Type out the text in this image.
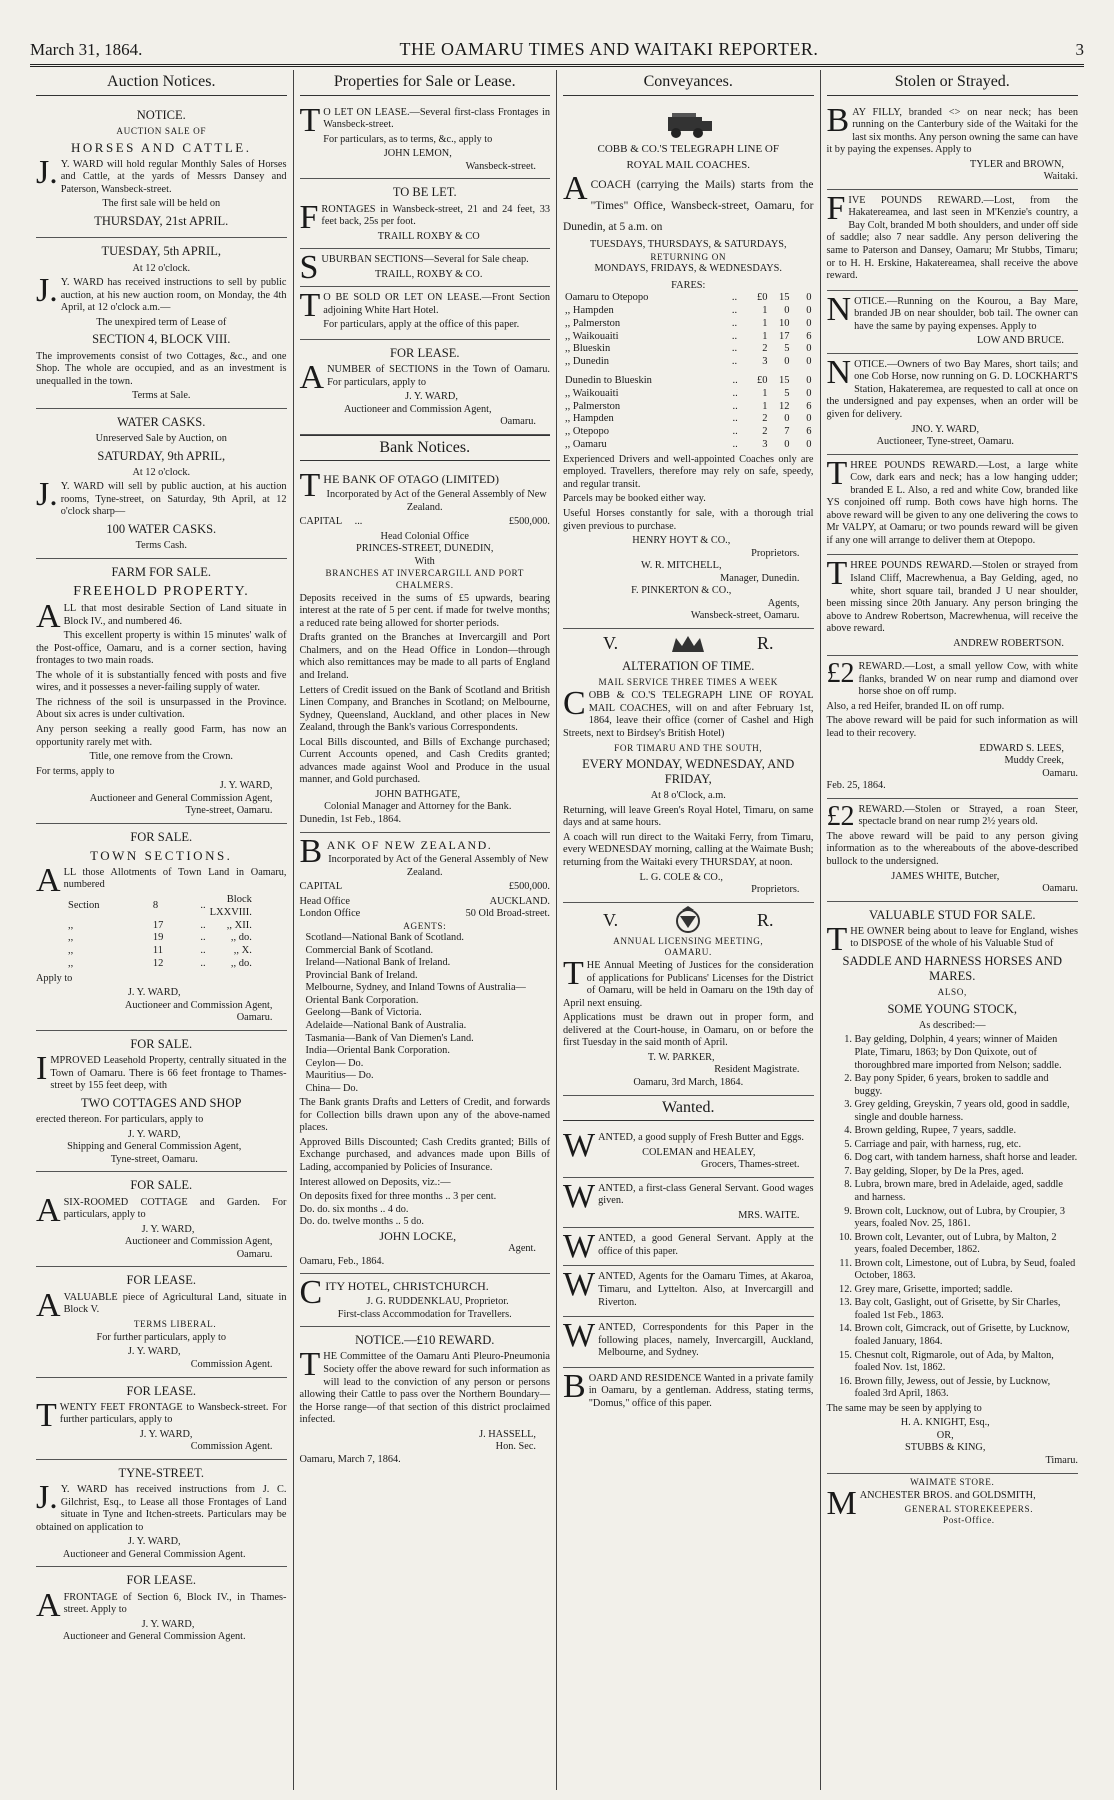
March 31, 1864.	THE OAMARU TIMES AND WAITAKI REPORTER.	3
Auction Notices.
NOTICE.
AUCTION SALE OF
HORSES AND CATTLE.

J.Y. WARD will hold regular Monthly Sales of Horses and Cattle, at the yards of Messrs Dansey and Paterson, Wansbeck-street.

The first sale will be held on

THURSDAY, 21st APRIL.
TUESDAY, 5th APRIL,
At 12 o'clock.

J.Y. WARD has received instructions to sell by public auction, at his new auction room, on Monday, the 4th April, at 12 o'clock a.m.—

The unexpired term of Lease of

SECTION 4, BLOCK VIII.

The improvements consist of two Cottages, &c., and one Shop. The whole are occupied, and as an investment is unequalled in the town.

Terms at Sale.
WATER CASKS.
Unreserved Sale by Auction, on
SATURDAY, 9th APRIL,
At 12 o'clock.

J.Y. WARD will sell by public auction, at his auction rooms, Tyne-street, on Saturday, 9th April, at 12 o'clock sharp—

100 WATER CASKS.
Terms Cash.
FARM FOR SALE.
FREEHOLD PROPERTY.

ALL that most desirable Section of Land situate in Block IV., and numbered 46.

This excellent property is within 15 minutes' walk of the Post-office, Oamaru, and is a corner section, having frontages to two main roads.

The whole of it is substantially fenced with posts and five wires, and it possesses a never-failing supply of water.

The richness of the soil is unsurpassed in the Province. About six acres is under cultivation.

Any person seeking a really good Farm, has now an opportunity rarely met with.

Title, one remove from the Crown.

For terms, apply to

J. Y. WARD,
Auctioneer and General Commission Agent,
Tyne-street, Oamaru.
FOR SALE.
TOWN SECTIONS.

ALL those Allotments of Town Land in Oamaru, numbered

Section	8	..	Block LXXVIII.
,,	17	..	,, XII.
,,	19	..	,, do.
,,	11	..	,, X.
,,	12	..	,, do.

Apply to

J. Y. WARD,
Auctioneer and Commission Agent,
Oamaru.
FOR SALE.

IMPROVED Leasehold Property, centrally situated in the Town of Oamaru. There is 66 feet frontage to Thames-street by 155 feet deep, with

TWO COTTAGES AND SHOP

erected thereon. For particulars, apply to

J. Y. WARD,
Shipping and General Commission Agent,
Tyne-street, Oamaru.
FOR SALE.

ASIX-ROOMED COTTAGE and Garden. For particulars, apply to

J. Y. WARD,
Auctioneer and Commission Agent,
Oamaru.
FOR LEASE.

AVALUABLE piece of Agricultural Land, situate in Block V.

TERMS LIBERAL.

For further particulars, apply to

J. Y. WARD,
Commission Agent.
FOR LEASE.

TWENTY FEET FRONTAGE to Wansbeck-street. For further particulars, apply to

J. Y. WARD,
Commission Agent.
TYNE-STREET.

J.Y. WARD has received instructions from J. C. Gilchrist, Esq., to Lease all those Frontages of Land situate in Tyne and Itchen-streets. Particulars may be obtained on application to

J. Y. WARD,
Auctioneer and General Commission Agent.
FOR LEASE.

AFRONTAGE of Section 6, Block IV., in Thames-street. Apply to

J. Y. WARD,
Auctioneer and General Commission Agent.
Properties for Sale or Lease.

TO LET ON LEASE.—Several first-class Frontages in Wansbeck-street.

For particulars, as to terms, &c., apply to

JOHN LEMON,
Wansbeck-street.
TO BE LET.

FRONTAGES in Wansbeck-street, 21 and 24 feet, 33 feet back, 25s per foot.

TRAILL ROXBY & CO

SUBURBAN SECTIONS—Several for Sale cheap.

TRAILL, ROXBY & CO.

TO BE SOLD OR LET ON LEASE.—Front Section adjoining White Hart Hotel.

For particulars, apply at the office of this paper.

FOR LEASE.

ANUMBER of SECTIONS in the Town of Oamaru. For particulars, apply to

J. Y. WARD,
Auctioneer and Commission Agent,
Oamaru.
Bank Notices.

THE BANK OF OTAGO (LIMITED)

Incorporated by Act of the General Assembly of New Zealand.

CAPITAL ...	£500,000.

Head Colonial Office
PRINCES-STREET, DUNEDIN,
With
BRANCHES AT INVERCARGILL AND PORT CHALMERS.

Deposits received in the sums of £5 upwards, bearing interest at the rate of 5 per cent. if made for twelve months; a reduced rate being allowed for shorter periods.

Drafts granted on the Branches at Invercargill and Port Chalmers, and on the Head Office in London—through which also remittances may be made to all parts of England and Ireland.

Letters of Credit issued on the Bank of Scotland and British Linen Company, and Branches in Scotland; on Melbourne, Sydney, Queensland, Auckland, and other places in New Zealand, through the Bank's various Correspondents.

Local Bills discounted, and Bills of Exchange purchased; Current Accounts opened, and Cash Credits granted; advances made against Wool and Produce in the usual manner, and Gold purchased.

JOHN BATHGATE,
Colonial Manager and Attorney for the Bank.
Dunedin, 1st Feb., 1864.

BANK OF NEW ZEALAND.

Incorporated by Act of the General Assembly of New Zealand.

CAPITAL	£500,000.

Head Office	AUCKLAND.
London Office	50 Old Broad-street.
AGENTS:
Scotland—National Bank of Scotland.
Commercial Bank of Scotland.
Ireland—National Bank of Ireland.
Provincial Bank of Ireland.
Melbourne, Sydney, and Inland Towns of Australia—Oriental Bank Corporation.
Geelong—Bank of Victoria.
Adelaide—National Bank of Australia.
Tasmania—Bank of Van Diemen's Land.
India—Oriental Bank Corporation.
Ceylon— Do.
Mauritius— Do.
China— Do.

The Bank grants Drafts and Letters of Credit, and forwards for Collection bills drawn upon any of the above-named places.

Approved Bills Discounted; Cash Credits granted; Bills of Exchange purchased, and advances made upon Bills of Lading, accompanied by Policies of Insurance.

Interest allowed on Deposits, viz.:—

On deposits fixed for three months .. 3 per cent.
Do. do. six months .. 4 do.
Do. do. twelve months .. 5 do.
JOHN LOCKE,
Agent.
Oamaru, Feb., 1864.

CITY HOTEL, CHRISTCHURCH.

J. G. RUDDENKLAU, Proprietor.
First-class Accommodation for Travellers.
NOTICE.—£10 REWARD.

THE Committee of the Oamaru Anti Pleuro-Pneumonia Society offer the above reward for such information as will lead to the conviction of any person or persons allowing their Cattle to pass over the Northern Boundary—the Horse range—of that section of this district proclaimed infected.

J. HASSELL,
Hon. Sec.
Oamaru, March 7, 1864.
Conveyances.
COBB & CO.'S TELEGRAPH LINE OF
ROYAL MAIL COACHES.

ACOACH (carrying the Mails) starts from the "Times" Office, Wansbeck-street, Oamaru, for Dunedin, at 5 a.m. on

TUESDAYS, THURSDAYS, & SATURDAYS,
RETURNING ON
MONDAYS, FRIDAYS, & WEDNESDAYS.
FARES:
Oamaru to Otepopo	..	£0	15	0
,, Hampden	..	1	0	0
,, Palmerston	..	1	10	0
,, Waikouaiti	..	1	17	6
,, Blueskin	..	2	5	0
,, Dunedin	..	3	0	0
Dunedin to Blueskin	..	£0	15	0
,, Waikouaiti	..	1	5	0
,, Palmerston	..	1	12	6
,, Hampden	..	2	0	0
,, Otepopo	..	2	7	6
,, Oamaru	..	3	0	0

Experienced Drivers and well-appointed Coaches only are employed. Travellers, therefore may rely on safe, speedy, and regular transit.

Parcels may be booked either way.

Useful Horses constantly for sale, with a thorough trial given previous to purchase.

HENRY HOYT & CO.,
Proprietors.
W. R. MITCHELL,
Manager, Dunedin.
F. PINKERTON & CO.,
Agents,
Wansbeck-street, Oamaru.
V.	R.
ALTERATION OF TIME.
MAIL SERVICE THREE TIMES A WEEK

COBB & CO.'S TELEGRAPH LINE OF ROYAL MAIL COACHES, will on and after February 1st, 1864, leave their office (corner of Cashel and High Streets, next to Birdsey's British Hotel)

FOR TIMARU AND THE SOUTH,
EVERY MONDAY, WEDNESDAY, AND FRIDAY,
At 8 o'Clock, a.m.

Returning, will leave Green's Royal Hotel, Timaru, on same days and at same hours.

A coach will run direct to the Waitaki Ferry, from Timaru, every WEDNESDAY morning, calling at the Waimate Bush; returning from the Waitaki every THURSDAY, at noon.

L. G. COLE & CO.,
Proprietors.
V.	R.
ANNUAL LICENSING MEETING,
OAMARU.

THE Annual Meeting of Justices for the consideration of applications for Publicans' Licenses for the District of Oamaru, will be held in Oamaru on the 19th day of April next ensuing.

Applications must be drawn out in proper form, and delivered at the Court-house, in Oamaru, on or before the first Tuesday in the said month of April.

T. W. PARKER,
Resident Magistrate.
Oamaru, 3rd March, 1864.
Wanted.

WANTED, a good supply of Fresh Butter and Eggs.

COLEMAN and HEALEY,
Grocers, Thames-street.

WANTED, a first-class General Servant. Good wages given.

MRS. WAITE.

WANTED, a good General Servant. Apply at the office of this paper.

WANTED, Agents for the Oamaru Times, at Akaroa, Timaru, and Lyttelton. Also, at Invercargill and Riverton.

WANTED, Correspondents for this Paper in the following places, namely, Invercargill, Auckland, Melbourne, and Sydney.

BOARD AND RESIDENCE Wanted in a private family in Oamaru, by a gentleman. Address, stating terms, "Domus," office of this paper.

Stolen or Strayed.

BAY FILLY, branded <> on near neck; has been running on the Canterbury side of the Waitaki for the last six months. Any person owning the same can have it by paying the expenses. Apply to

TYLER and BROWN,
Waitaki.

FIVE POUNDS REWARD.—Lost, from the Hakatereamea, and last seen in M'Kenzie's country, a Bay Colt, branded M both shoulders, and under off side of saddle; also 7 near saddle. Any person delivering the same to Paterson and Dansey, Oamaru; Mr Stubbs, Timaru; or to H. H. Erskine, Hakatereamea, shall receive the above reward.

NOTICE.—Running on the Kourou, a Bay Mare, branded JB on near shoulder, bob tail. The owner can have the same by paying expenses. Apply to

LOW AND BRUCE.

NOTICE.—Owners of two Bay Mares, short tails; and one Cob Horse, now running on G. D. LOCKHART'S Station, Hakateremea, are requested to call at once on the undersigned and pay expenses, when an order will be given for delivery.

JNO. Y. WARD,
Auctioneer, Tyne-street, Oamaru.

THREE POUNDS REWARD.—Lost, a large white Cow, dark ears and neck; has a low hanging udder; branded E L. Also, a red and white Cow, branded like YS conjoined off rump. Both cows have high horns. The above reward will be given to any one delivering the cows to Mr VALPY, at Oamaru; or two pounds reward will be given if any one will arrange to deliver them at Otepopo.

THREE POUNDS REWARD.—Stolen or strayed from Island Cliff, Macrewhenua, a Bay Gelding, aged, no white, short square tail, branded J U near shoulder, been missing since 20th January. Any person bringing the above to Andrew Robertson, Macrewhenua, will receive the above reward.

ANDREW ROBERTSON.

£2 REWARD.—Lost, a small yellow Cow, with white flanks, branded W on near rump and diamond over horse shoe on off rump.

Also, a red Heifer, branded IL on off rump.

The above reward will be paid for such information as will lead to their recovery.

EDWARD S. LEES,
Muddy Creek,
Oamaru.
Feb. 25, 1864.

£2 REWARD.—Stolen or Strayed, a roan Steer, spectacle brand on near rump 2½ years old.

The above reward will be paid to any person giving information as to the whereabouts of the above-described bullock to the undersigned.

JAMES WHITE, Butcher,
Oamaru.
VALUABLE STUD FOR SALE.

THE OWNER being about to leave for England, wishes to DISPOSE of the whole of his Valuable Stud of

SADDLE AND HARNESS HORSES AND MARES.
ALSO,
SOME YOUNG STOCK,
As described:—
1. Bay gelding, Dolphin, 4 years; winner of Maiden Plate, Timaru, 1863; by Don Quixote, out of thoroughbred mare imported from Nelson; saddle.
2. Bay pony Spider, 6 years, broken to saddle and buggy.
3. Grey gelding, Greyskin, 7 years old, good in saddle, single and double harness.
4. Brown gelding, Rupee, 7 years, saddle.
5. Carriage and pair, with harness, rug, etc.
6. Dog cart, with tandem harness, shaft horse and leader.
7. Bay gelding, Sloper, by De la Pres, aged.
8. Lubra, brown mare, bred in Adelaide, aged, saddle and harness.
9. Brown colt, Lucknow, out of Lubra, by Croupier, 3 years, foaled Nov. 25, 1861.
10. Brown colt, Levanter, out of Lubra, by Malton, 2 years, foaled December, 1862.
11. Brown colt, Limestone, out of Lubra, by Seud, foaled October, 1863.
12. Grey mare, Grisette, imported; saddle.
13. Bay colt, Gaslight, out of Grisette, by Sir Charles, foaled 1st Feb., 1863.
14. Brown colt, Gimcrack, out of Grisette, by Lucknow, foaled January, 1864.
15. Chesnut colt, Rigmarole, out of Ada, by Malton, foaled Nov. 1st, 1862.
16. Brown filly, Jewess, out of Jessie, by Lucknow, foaled 3rd April, 1863.

The same may be seen by applying to

H. A. KNIGHT, Esq.,
OR,
STUBBS & KING,
Timaru.
WAIMATE STORE.

MANCHESTER BROS. and GOLDSMITH,

GENERAL STOREKEEPERS.
Post-Office.
